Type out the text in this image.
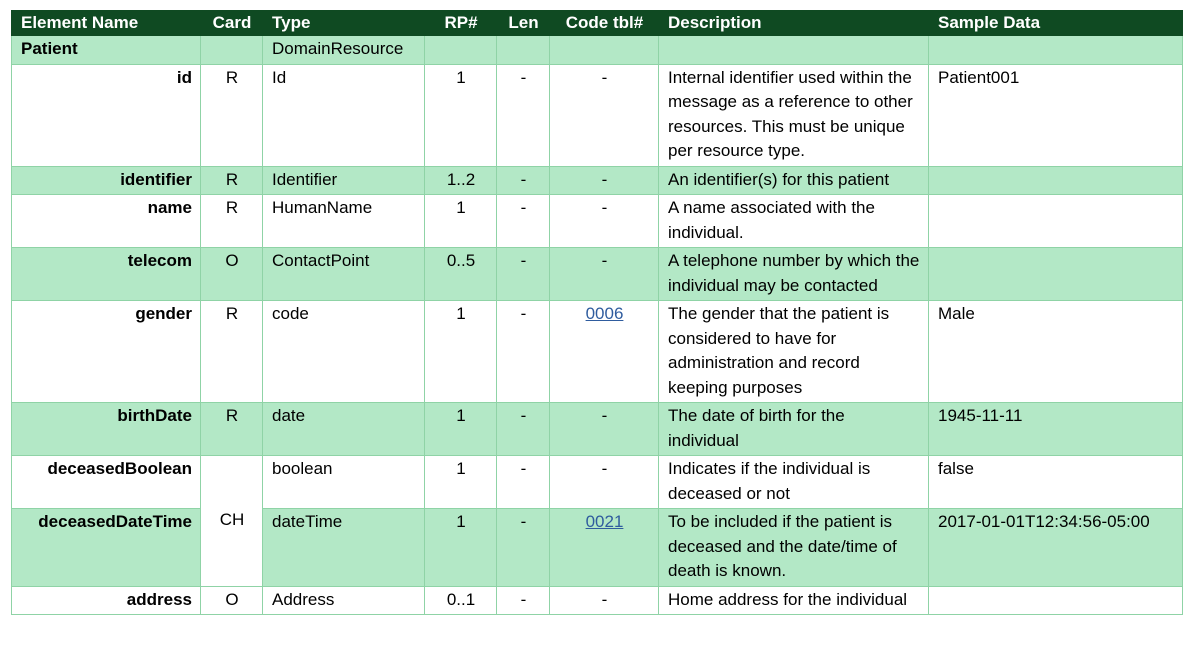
Element Name	Card	Type	RP#	Len	Code tbl#	Description	Sample Data
Patient		DomainResource					
id	R	Id	1	-	-	Internal identifier used within the message as a reference to other resources. This must be unique per resource type.	Patient001
identifier	R	Identifier	1..2	-	-	An identifier(s) for this patient	
name	R	HumanName	1	-	-	A name associated with the individual.	
telecom	O	ContactPoint	0..5	-	-	A telephone number by which the individual may be contacted	
gender	R	code	1	-	0006	The gender that the patient is considered to have for administration and record keeping purposes	Male
birthDate	R	date	1	-	-	The date of birth for the individual	1945-11-11
deceasedBoolean	CH	boolean	1	-	-	Indicates if the individual is deceased or not	false
deceasedDateTime		dateTime	1	-	0021	To be included if the patient is deceased and the date/time of death is known.	2017-01-01T12:34:56-05:00
address	O	Address	0..1	-	-	Home address for the individual	
